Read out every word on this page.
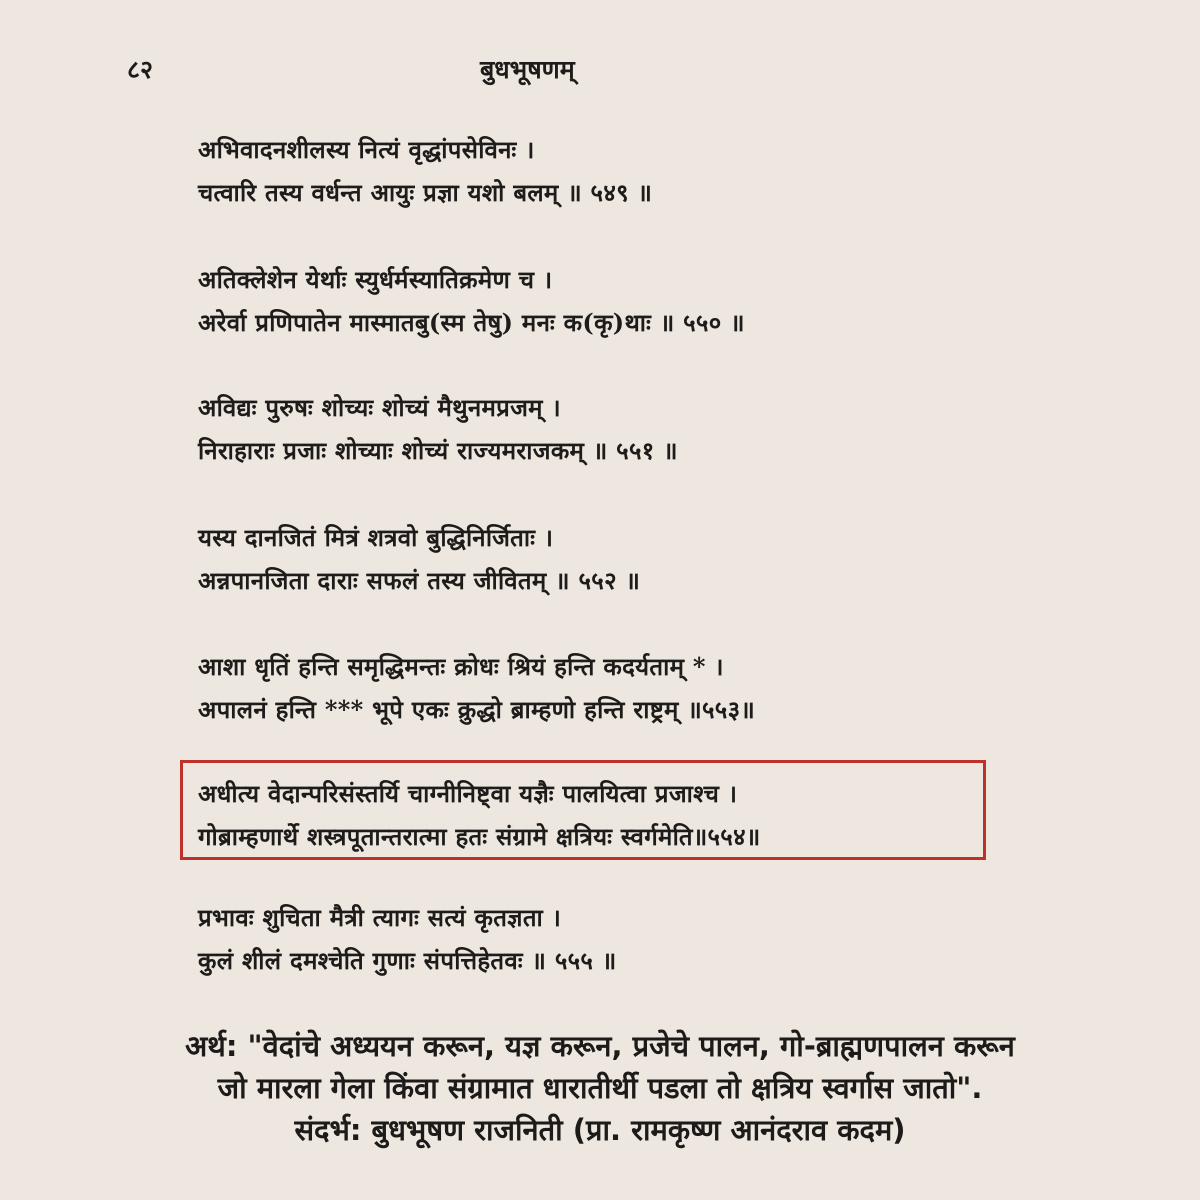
८२	बुधभूषणम्
अभिवादनशीलस्य नित्यं वृद्धांपसेविनः ।
चत्वारि तस्य वर्धन्त आयुः प्रज्ञा यशो बलम् ॥ ५४९ ॥
अतिक्लेशेन येर्थाः स्युर्धर्मस्यातिक्रमेण च ।
अरेर्वा प्रणिपातेन मास्मातबु(स्म तेषु) मनः क(कृ)थाः ॥ ५५० ॥
अविद्यः पुरुषः शोच्यः शोच्यं मैथुनमप्रजम् ।
निराहाराः प्रजाः शोच्याः शोच्यं राज्यमराजकम् ॥ ५५१ ॥
यस्य दानजितं मित्रं शत्रवो बुद्धिनिर्जिताः ।
अन्नपानजिता दाराः सफलं तस्य जीवितम् ॥ ५५२ ॥
आशा धृतिं हन्ति समृद्धिमन्तः क्रोधः श्रियं हन्ति कदर्यताम् * ।
अपालनं हन्ति *** भूपे एकः क्रुद्धो ब्राम्हणो हन्ति राष्ट्रम् ॥५५३॥
अधीत्य वेदान्परिसंस्तर्यि चाग्नीनिष्ट्वा यज्ञैः पालयित्वा प्रजाश्च ।
गोब्राम्हणार्थे शस्त्रपूतान्तरात्मा हतः संग्रामे क्षत्रियः स्वर्गमेति॥५५४॥
प्रभावः शुचिता मैत्री त्यागः सत्यं कृतज्ञता ।
कुलं शीलं दमश्चेति गुणाः संपत्तिहेतवः ॥ ५५५ ॥
अर्थ: "वेदांचे अध्ययन करून, यज्ञ करून, प्रजेचे पालन, गो-ब्राह्मणपालन करून
जो मारला गेला किंवा संग्रामात धारातीर्थी पडला तो क्षत्रिय स्वर्गास जातो".
संदर्भ: बुधभूषण राजनिती (प्रा. रामकृष्ण आनंदराव कदम)
